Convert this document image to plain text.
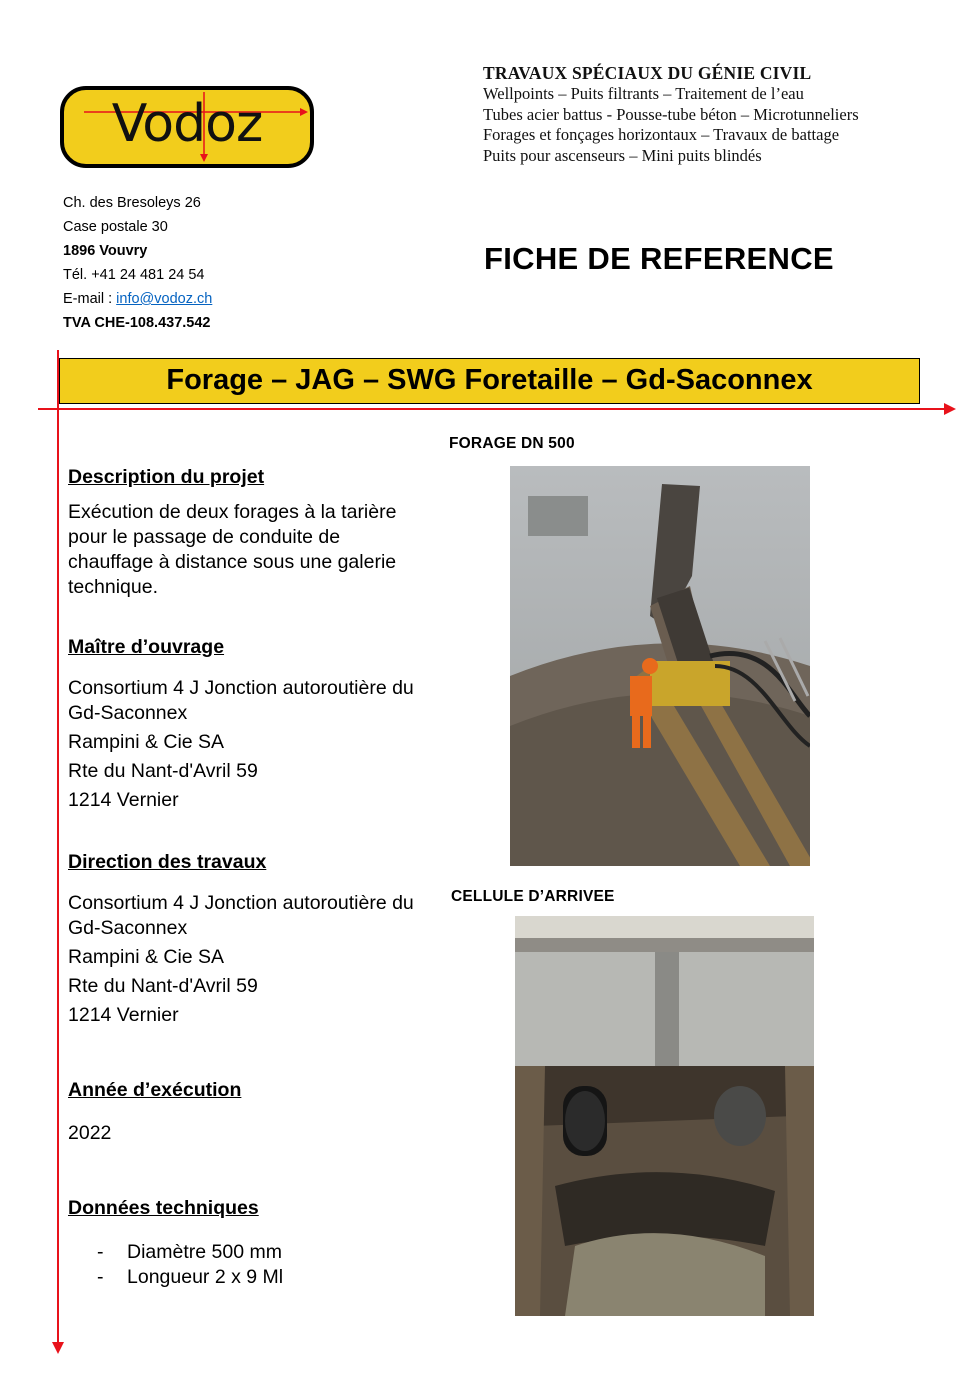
Vodoz
TRAVAUX SPÉCIAUX DU GÉNIE CIVIL
Wellpoints – Puits filtrants – Traitement de l’eau
Tubes acier battus - Pousse-tube béton – Microtunneliers
Forages et fonçages horizontaux – Travaux de battage
Puits pour ascenseurs – Mini puits blindés
Ch. des Bresoleys 26
Case postale 30
1896 Vouvry
Tél. +41 24 481 24 54
E-mail : info@vodoz.ch
TVA CHE-108.437.542
FICHE DE REFERENCE
Forage – JAG – SWG Foretaille – Gd-Saconnex
Description du projet

Exécution de deux forages à la tarière pour le passage de conduite de chauffage à distance sous une galerie technique.

Maître d’ouvrage

Consortium 4 J Jonction autoroutière du Gd-Saconnex

Rampini & Cie SA

Rte du Nant-d'Avril 59

1214 Vernier

Direction des travaux

Consortium 4 J Jonction autoroutière du Gd-Saconnex

Rampini & Cie SA

Rte du Nant-d'Avril 59

1214 Vernier

Année d’exécution

2022

Données techniques
- Diamètre 500 mm
- Longueur 2 x 9 Ml
FORAGE DN 500
CELLULE D’ARRIVEE
